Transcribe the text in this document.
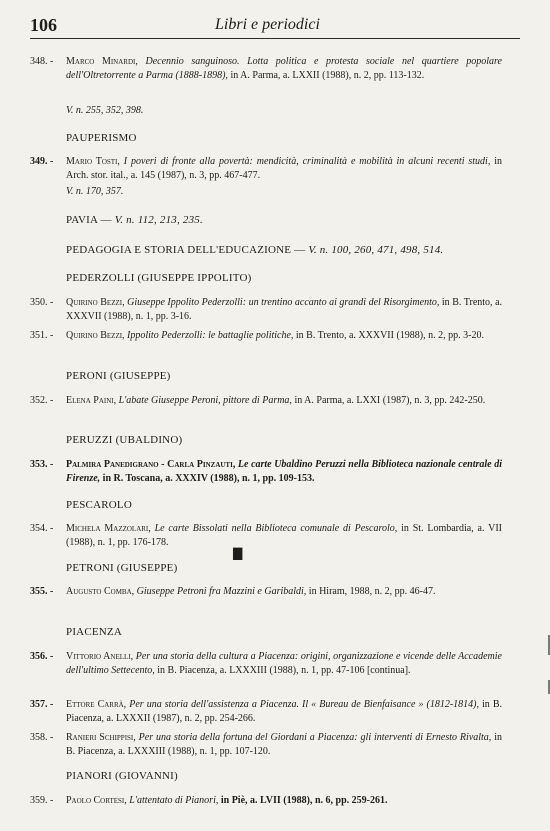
106	Libri e periodici
348. -	Marco Minardi, Decennio sanguinoso. Lotta politica e protesta sociale nel quartiere popolare dell'Oltretorrente a Parma (1888-1898), in A. Parma, a. LXXII (1988), n. 2, pp. 113-132.
V. n. 255, 352, 398.
PAUPERISMO
349. -	Mario Tosti, I poveri di fronte alla povertà: mendicità, criminalità e mobilità in alcuni recenti studi, in Arch. stor. ital., a. 145 (1987), n. 3, pp. 467-477.
V. n. 170, 357.
PAVIA — V. n. 112, 213, 235.
PEDAGOGIA E STORIA DELL'EDUCAZIONE — V. n. 100, 260, 471, 498, 514.
PEDERZOLLI (GIUSEPPE IPPOLITO)
350. -	Quirino Bezzi, Giuseppe Ippolito Pederzolli: un trentino accanto ai grandi del Risorgimento, in B. Trento, a. XXXVII (1988), n. 1, pp. 3-16.
351. -	Quirino Bezzi, Ippolito Pederzolli: le battaglie politiche, in B. Trento, a. XXXVII (1988), n. 2, pp. 3-20.
PERONI (GIUSEPPE)
352. -	Elena Paini, L'abate Giuseppe Peroni, pittore di Parma, in A. Parma, a. LXXI (1987), n. 3, pp. 242-250.
PERUZZI (UBALDINO)
353. -	Palmira Panedigrano - Carla Pinzauti, Le carte Ubaldino Peruzzi nella Biblioteca nazionale centrale di Firenze, in R. Toscana, a. XXXIV (1988), n. 1, pp. 109-153.
PESCAROLO
354. -	Michela Mazzolari, Le carte Bissolati nella Biblioteca comunale di Pescarolo, in St. Lombardia, a. VII (1988), n. 1, pp. 176-178.
▇
PETRONI (GIUSEPPE)
355. -	Augusto Comba, Giuseppe Petroni fra Mazzini e Garibaldi, in Hiram, 1988, n. 2, pp. 46-47.
PIACENZA
356. -	Vittorio Anelli, Per una storia della cultura a Piacenza: origini, organizzazione e vicende delle Accademie dell'ultimo Settecento, in B. Piacenza, a. LXXXIII (1988), n. 1, pp. 47-106 [continua].
357. -	Ettore Carrà, Per una storia dell'assistenza a Piacenza. Il « Bureau de Bienfaisance » (1812-1814), in B. Piacenza, a. LXXXII (1987), n. 2, pp. 254-266.
358. -	Ranieri Schippisi, Per una storia della fortuna del Giordani a Piacenza: gli interventi di Ernesto Rivalta, in B. Piacenza, a. LXXXIII (1988), n. 1, pp. 107-120.
PIANORI (GIOVANNI)
359. -	Paolo Cortesi, L'attentato di Pianori, in Piè, a. LVII (1988), n. 6, pp. 259-261.
